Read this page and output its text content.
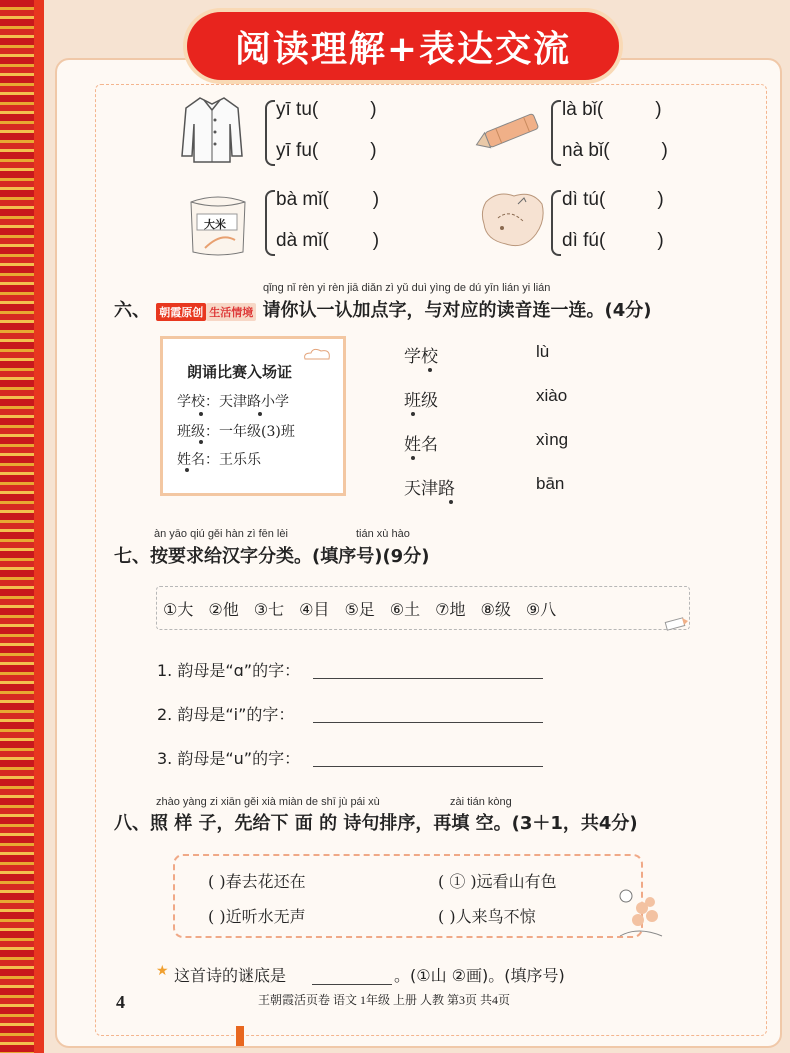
阅读理解+表达交流
大米
yī tu(	)
yī fu(	)
là bǐ(	)
nà bǐ(	)
bà mǐ( )
dà mǐ( )
dì tú(	)
dì fú(	)
qǐng nǐ rèn yi rèn jiā diǎn zì yǔ duì yìng de dú yīn lián yi lián
六、 朝霞原创 生活情境 请你认一认加点字，与对应的读音连一连。(4分)
朗诵比赛入场证
学校：天津路小学
班级：一年级(3)班
姓名：王乐乐
学校
班级
姓名
天津路
lù
xiào
xìng
bān
àn yāo qiú gěi hàn zì fēn lèi	tián xù hào
七、按要求给汉字分类。(填序号)(9分)
①大 ②他 ③七 ④目 ⑤足 ⑥土 ⑦地 ⑧级 ⑨八
1. 韵母是“ɑ”的字：
2. 韵母是“i”的字：
3. 韵母是“u”的字：
zhào yàng zi xiān gěi xià miàn de shī jù pái xù	zài tián kòng
八、照 样 子，先给下 面 的 诗句排序，再填 空。(3＋1，共4分)
( )春去花还在	( ① )远看山有色
( )近听水无声	( )人来鸟不惊
★ 这首诗的谜底是	。(①山 ②画)。(填序号)
4	王朝霞活页卷 语文 1年级 上册 人教 第3页 共4页
